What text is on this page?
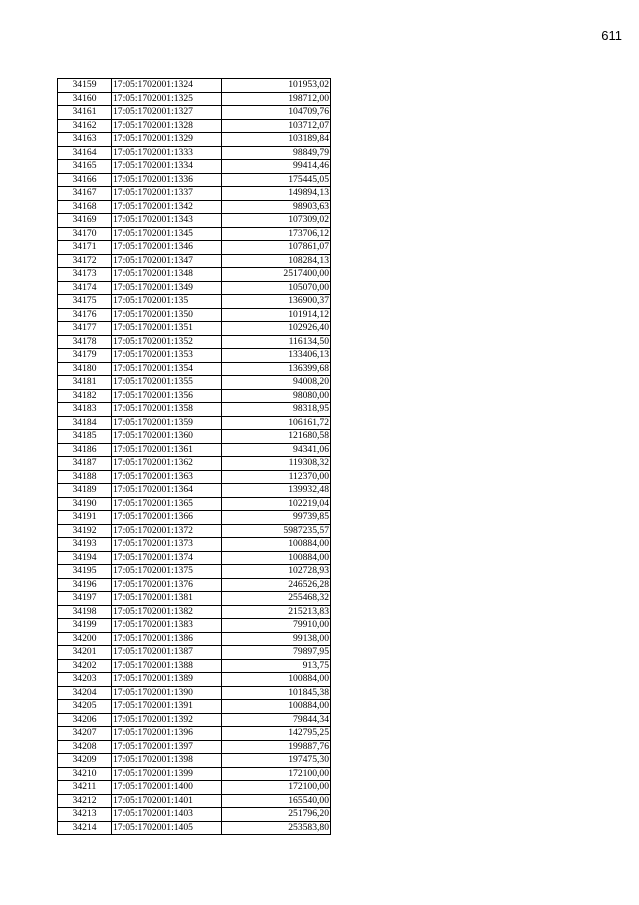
611
34159	17:05:1702001:1324	101953,02
34160	17:05:1702001:1325	198712,00
34161	17:05:1702001:1327	104709,76
34162	17:05:1702001:1328	103712,07
34163	17:05:1702001:1329	103189,84
34164	17:05:1702001:1333	98849,79
34165	17:05:1702001:1334	99414,46
34166	17:05:1702001:1336	175445,05
34167	17:05:1702001:1337	149894,13
34168	17:05:1702001:1342	98903,63
34169	17:05:1702001:1343	107309,02
34170	17:05:1702001:1345	173706,12
34171	17:05:1702001:1346	107861,07
34172	17:05:1702001:1347	108284,13
34173	17:05:1702001:1348	2517400,00
34174	17:05:1702001:1349	105070,00
34175	17:05:1702001:135	136900,37
34176	17:05:1702001:1350	101914,12
34177	17:05:1702001:1351	102926,40
34178	17:05:1702001:1352	116134,50
34179	17:05:1702001:1353	133406,13
34180	17:05:1702001:1354	136399,68
34181	17:05:1702001:1355	94008,20
34182	17:05:1702001:1356	98080,00
34183	17:05:1702001:1358	98318,95
34184	17:05:1702001:1359	106161,72
34185	17:05:1702001:1360	121680,58
34186	17:05:1702001:1361	94341,06
34187	17:05:1702001:1362	119308,32
34188	17:05:1702001:1363	112370,00
34189	17:05:1702001:1364	139932,48
34190	17:05:1702001:1365	102219,04
34191	17:05:1702001:1366	99739,85
34192	17:05:1702001:1372	5987235,57
34193	17:05:1702001:1373	100884,00
34194	17:05:1702001:1374	100884,00
34195	17:05:1702001:1375	102728,93
34196	17:05:1702001:1376	246526,28
34197	17:05:1702001:1381	255468,32
34198	17:05:1702001:1382	215213,83
34199	17:05:1702001:1383	79910,00
34200	17:05:1702001:1386	99138,00
34201	17:05:1702001:1387	79897,95
34202	17:05:1702001:1388	913,75
34203	17:05:1702001:1389	100884,00
34204	17:05:1702001:1390	101845,38
34205	17:05:1702001:1391	100884,00
34206	17:05:1702001:1392	79844,34
34207	17:05:1702001:1396	142795,25
34208	17:05:1702001:1397	199887,76
34209	17:05:1702001:1398	197475,30
34210	17:05:1702001:1399	172100,00
34211	17:05:1702001:1400	172100,00
34212	17:05:1702001:1401	165540,00
34213	17:05:1702001:1403	251796,20
34214	17:05:1702001:1405	253583,80
